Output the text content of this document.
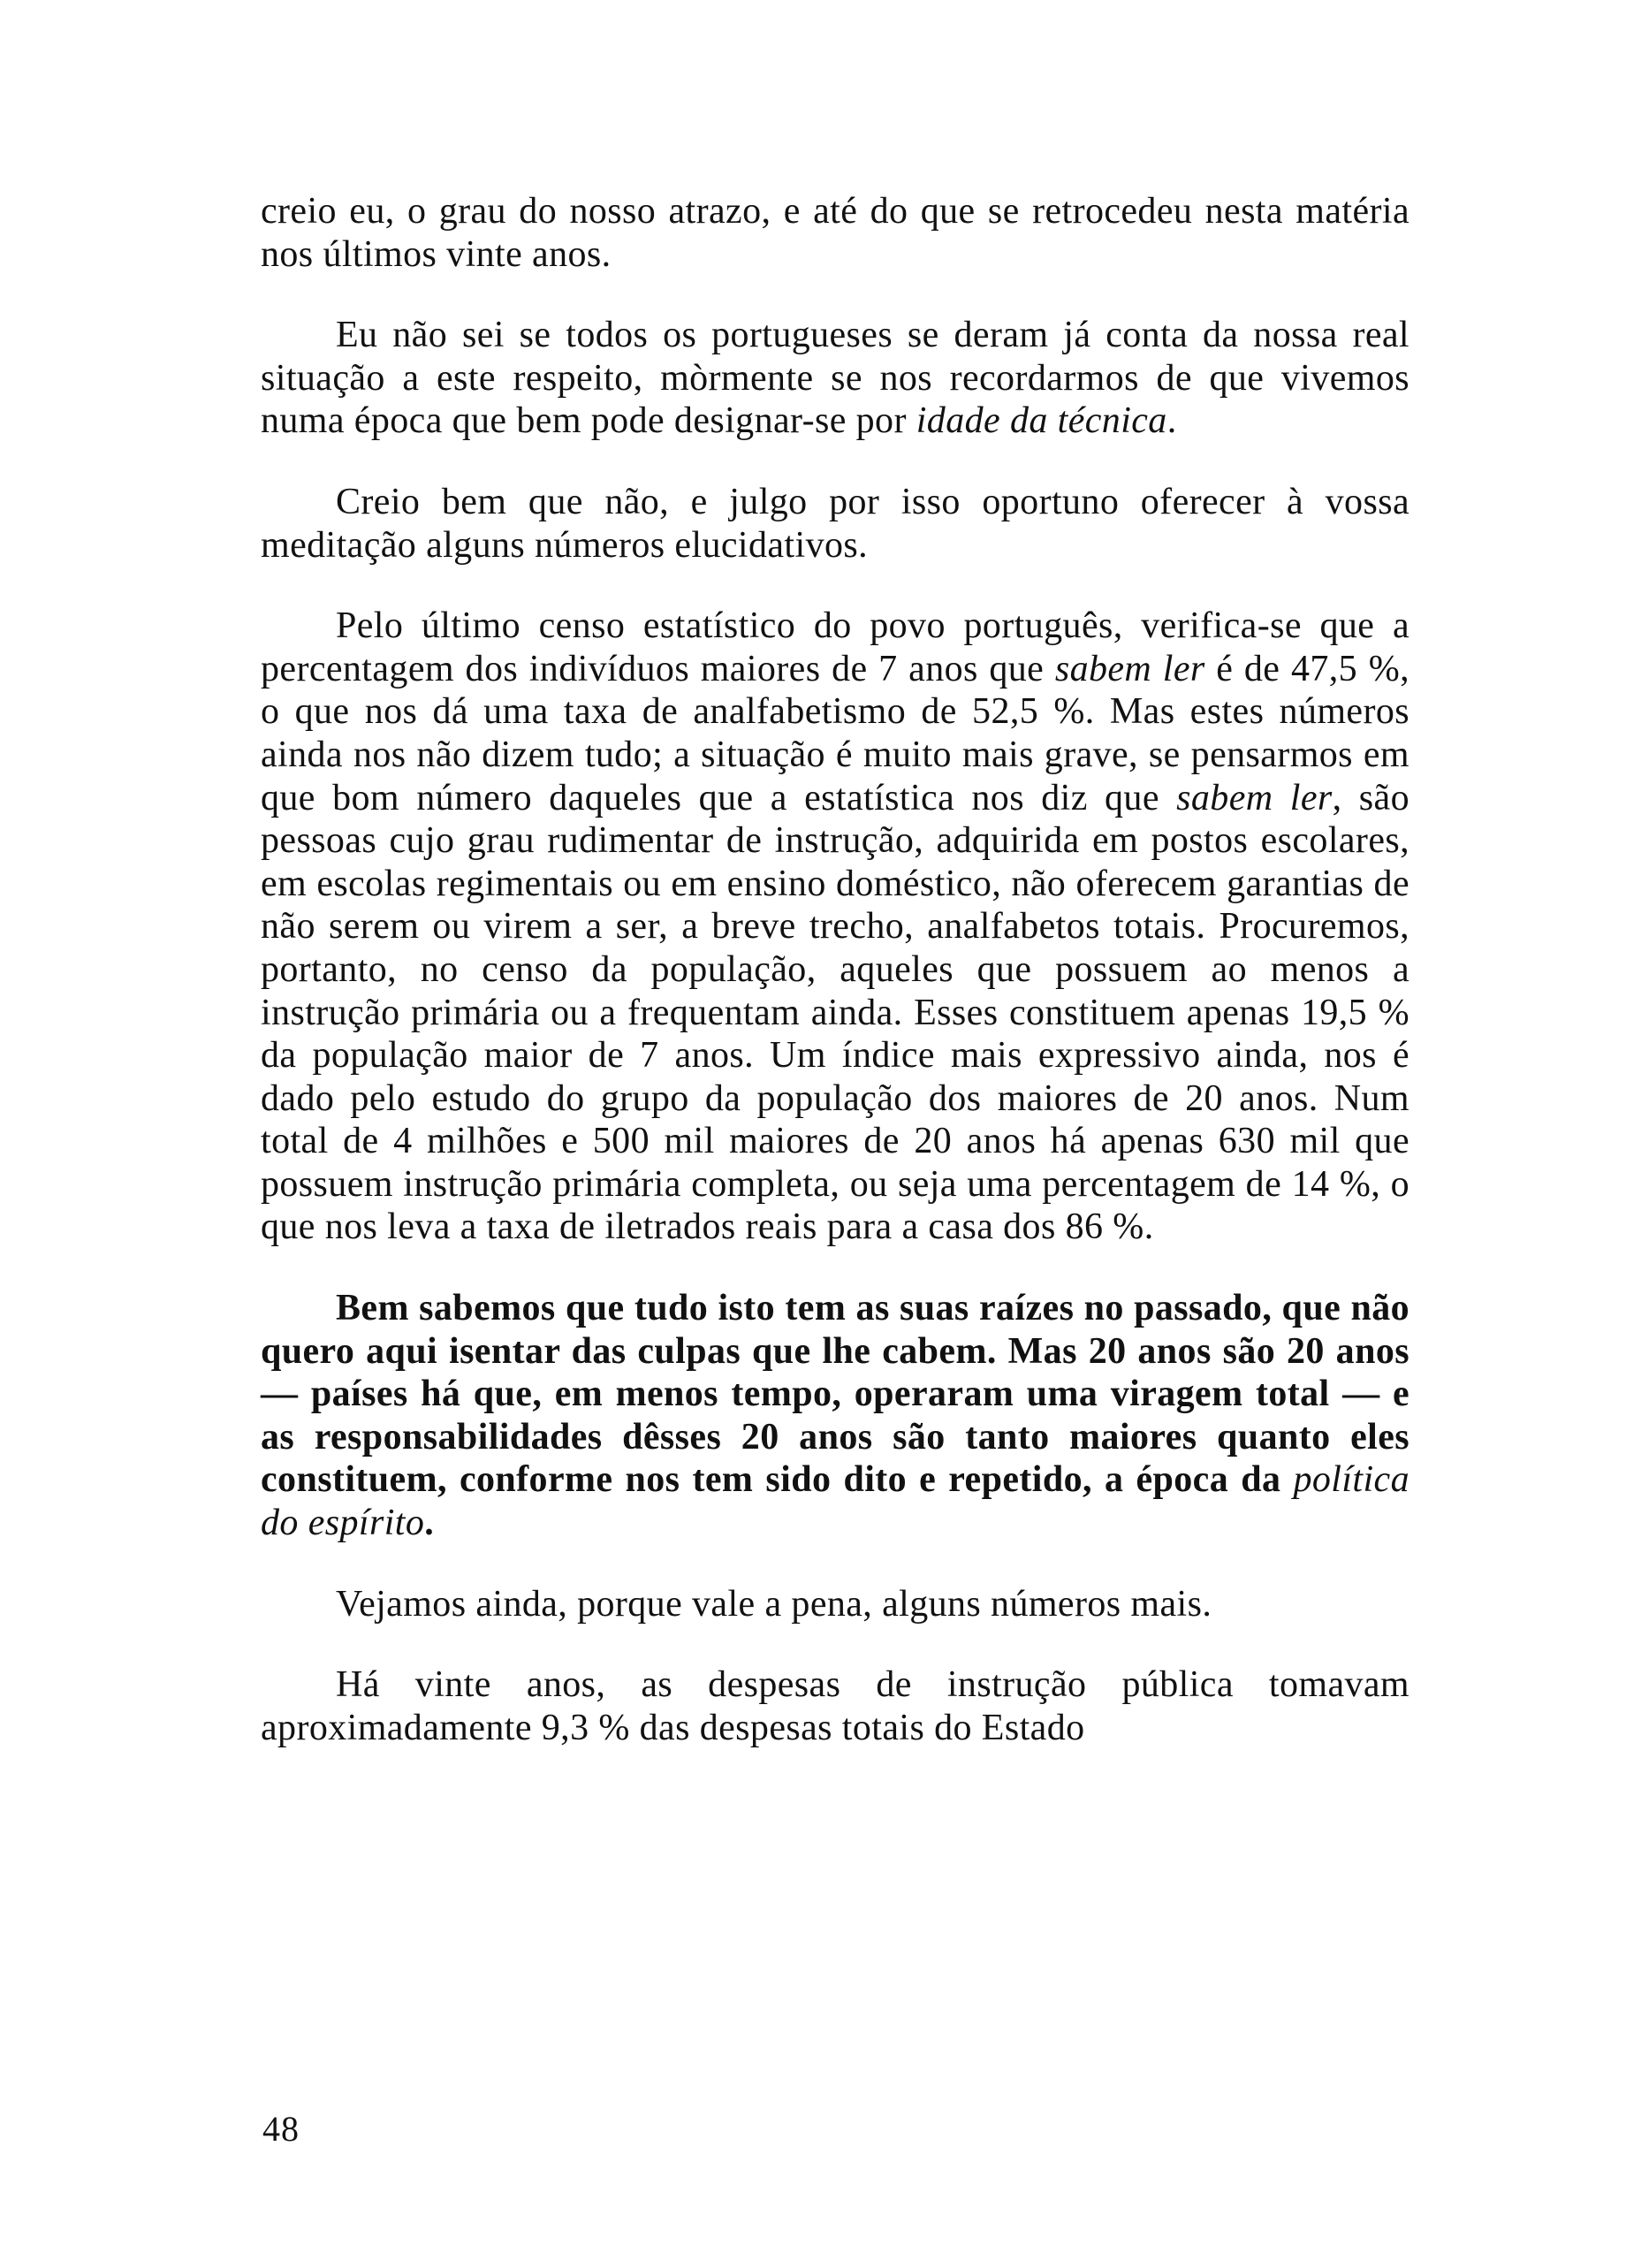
creio eu, o grau do nosso atrazo, e até do que se retrocedeu nesta matéria nos últimos vinte anos.

Eu não sei se todos os portugueses se deram já conta da nossa real situação a este respeito, mòrmente se nos recordarmos de que vivemos numa época que bem pode designar-se por idade da técnica.

Creio bem que não, e julgo por isso oportuno oferecer à vossa meditação alguns números elucidativos.

Pelo último censo estatístico do povo português, verifica-se que a percentagem dos indivíduos maiores de 7 anos que sabem ler é de 47,5 %, o que nos dá uma taxa de analfabetismo de 52,5 %. Mas estes números ainda nos não dizem tudo; a situação é muito mais grave, se pensarmos em que bom número daqueles que a estatística nos diz que sabem ler, são pessoas cujo grau rudimentar de instrução, adquirida em postos escolares, em escolas regimentais ou em ensino doméstico, não oferecem garantias de não serem ou virem a ser, a breve trecho, analfabetos totais. Procuremos, portanto, no censo da população, aqueles que possuem ao menos a instrução primária ou a frequentam ainda. Esses constituem apenas 19,5 % da população maior de 7 anos. Um índice mais expressivo ainda, nos é dado pelo estudo do grupo da população dos maiores de 20 anos. Num total de 4 milhões e 500 mil maiores de 20 anos há apenas 630 mil que possuem instrução primária completa, ou seja uma percentagem de 14 %, o que nos leva a taxa de iletrados reais para a casa dos 86 %.

Bem sabemos que tudo isto tem as suas raízes no passado, que não quero aqui isentar das culpas que lhe cabem. Mas 20 anos são 20 anos — países há que, em menos tempo, operaram uma viragem total — e as responsabilidades dêsses 20 anos são tanto maiores quanto eles constituem, conforme nos tem sido dito e repetido, a época da política do espírito.

Vejamos ainda, porque vale a pena, alguns números mais.

Há vinte anos, as despesas de instrução pública tomavam aproximadamente 9,3 % das despesas totais do Estado

48
